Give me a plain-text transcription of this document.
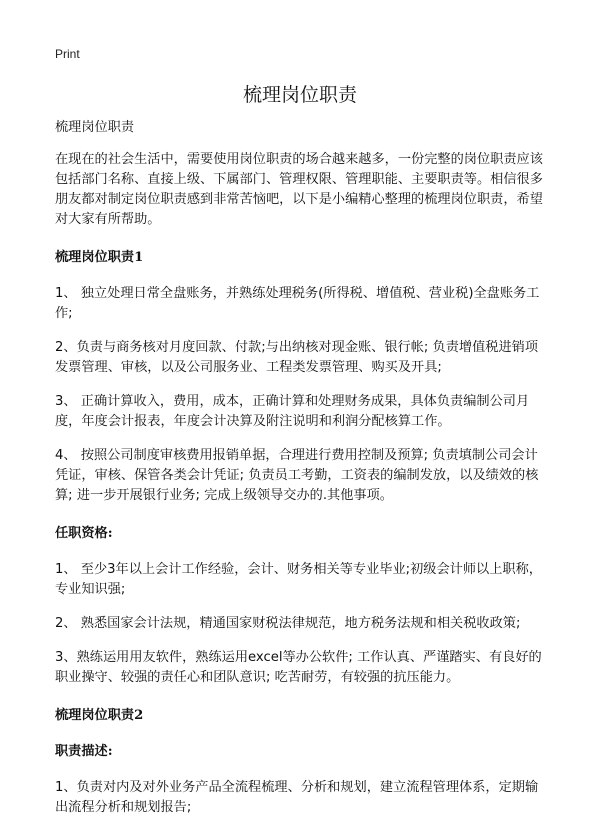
Print
梳理岗位职责

梳理岗位职责

在现在的社会生活中，需要使用岗位职责的场合越来越多，一份完整的岗位职责应该包括部门名称、直接上级、下属部门、管理权限、管理职能、主要职责等。相信很多朋友都对制定岗位职责感到非常苦恼吧，以下是小编精心整理的梳理岗位职责，希望对大家有所帮助。

梳理岗位职责1

1、 独立处理日常全盘账务，并熟练处理税务(所得税、增值税、营业税)全盘账务工作;

2、负责与商务核对月度回款、付款;与出纳核对现金账、银行帐; 负责增值税进销项发票管理、审核，以及公司服务业、工程类发票管理、购买及开具;

3、 正确计算收入，费用，成本，正确计算和处理财务成果，具体负责编制公司月度，年度会计报表，年度会计决算及附注说明和利润分配核算工作。

4、 按照公司制度审核费用报销单据，合理进行费用控制及预算; 负责填制公司会计凭证，审核、保管各类会计凭证; 负责员工考勤，工资表的编制发放，以及绩效的核算; 进一步开展银行业务; 完成上级领导交办的.其他事项。

任职资格:

1、 至少3年以上会计工作经验，会计、财务相关等专业毕业;初级会计师以上职称，专业知识强;

2、 熟悉国家会计法规，精通国家财税法律规范，地方税务法规和相关税收政策;

3、熟练运用用友软件，熟练运用excel等办公软件; 工作认真、严谨踏实、有良好的职业操守、较强的责任心和团队意识; 吃苦耐劳，有较强的抗压能力。

梳理岗位职责2

职责描述:

1、负责对内及对外业务产品全流程梳理、分析和规划，建立流程管理体系，定期输出流程分析和规划报告;
